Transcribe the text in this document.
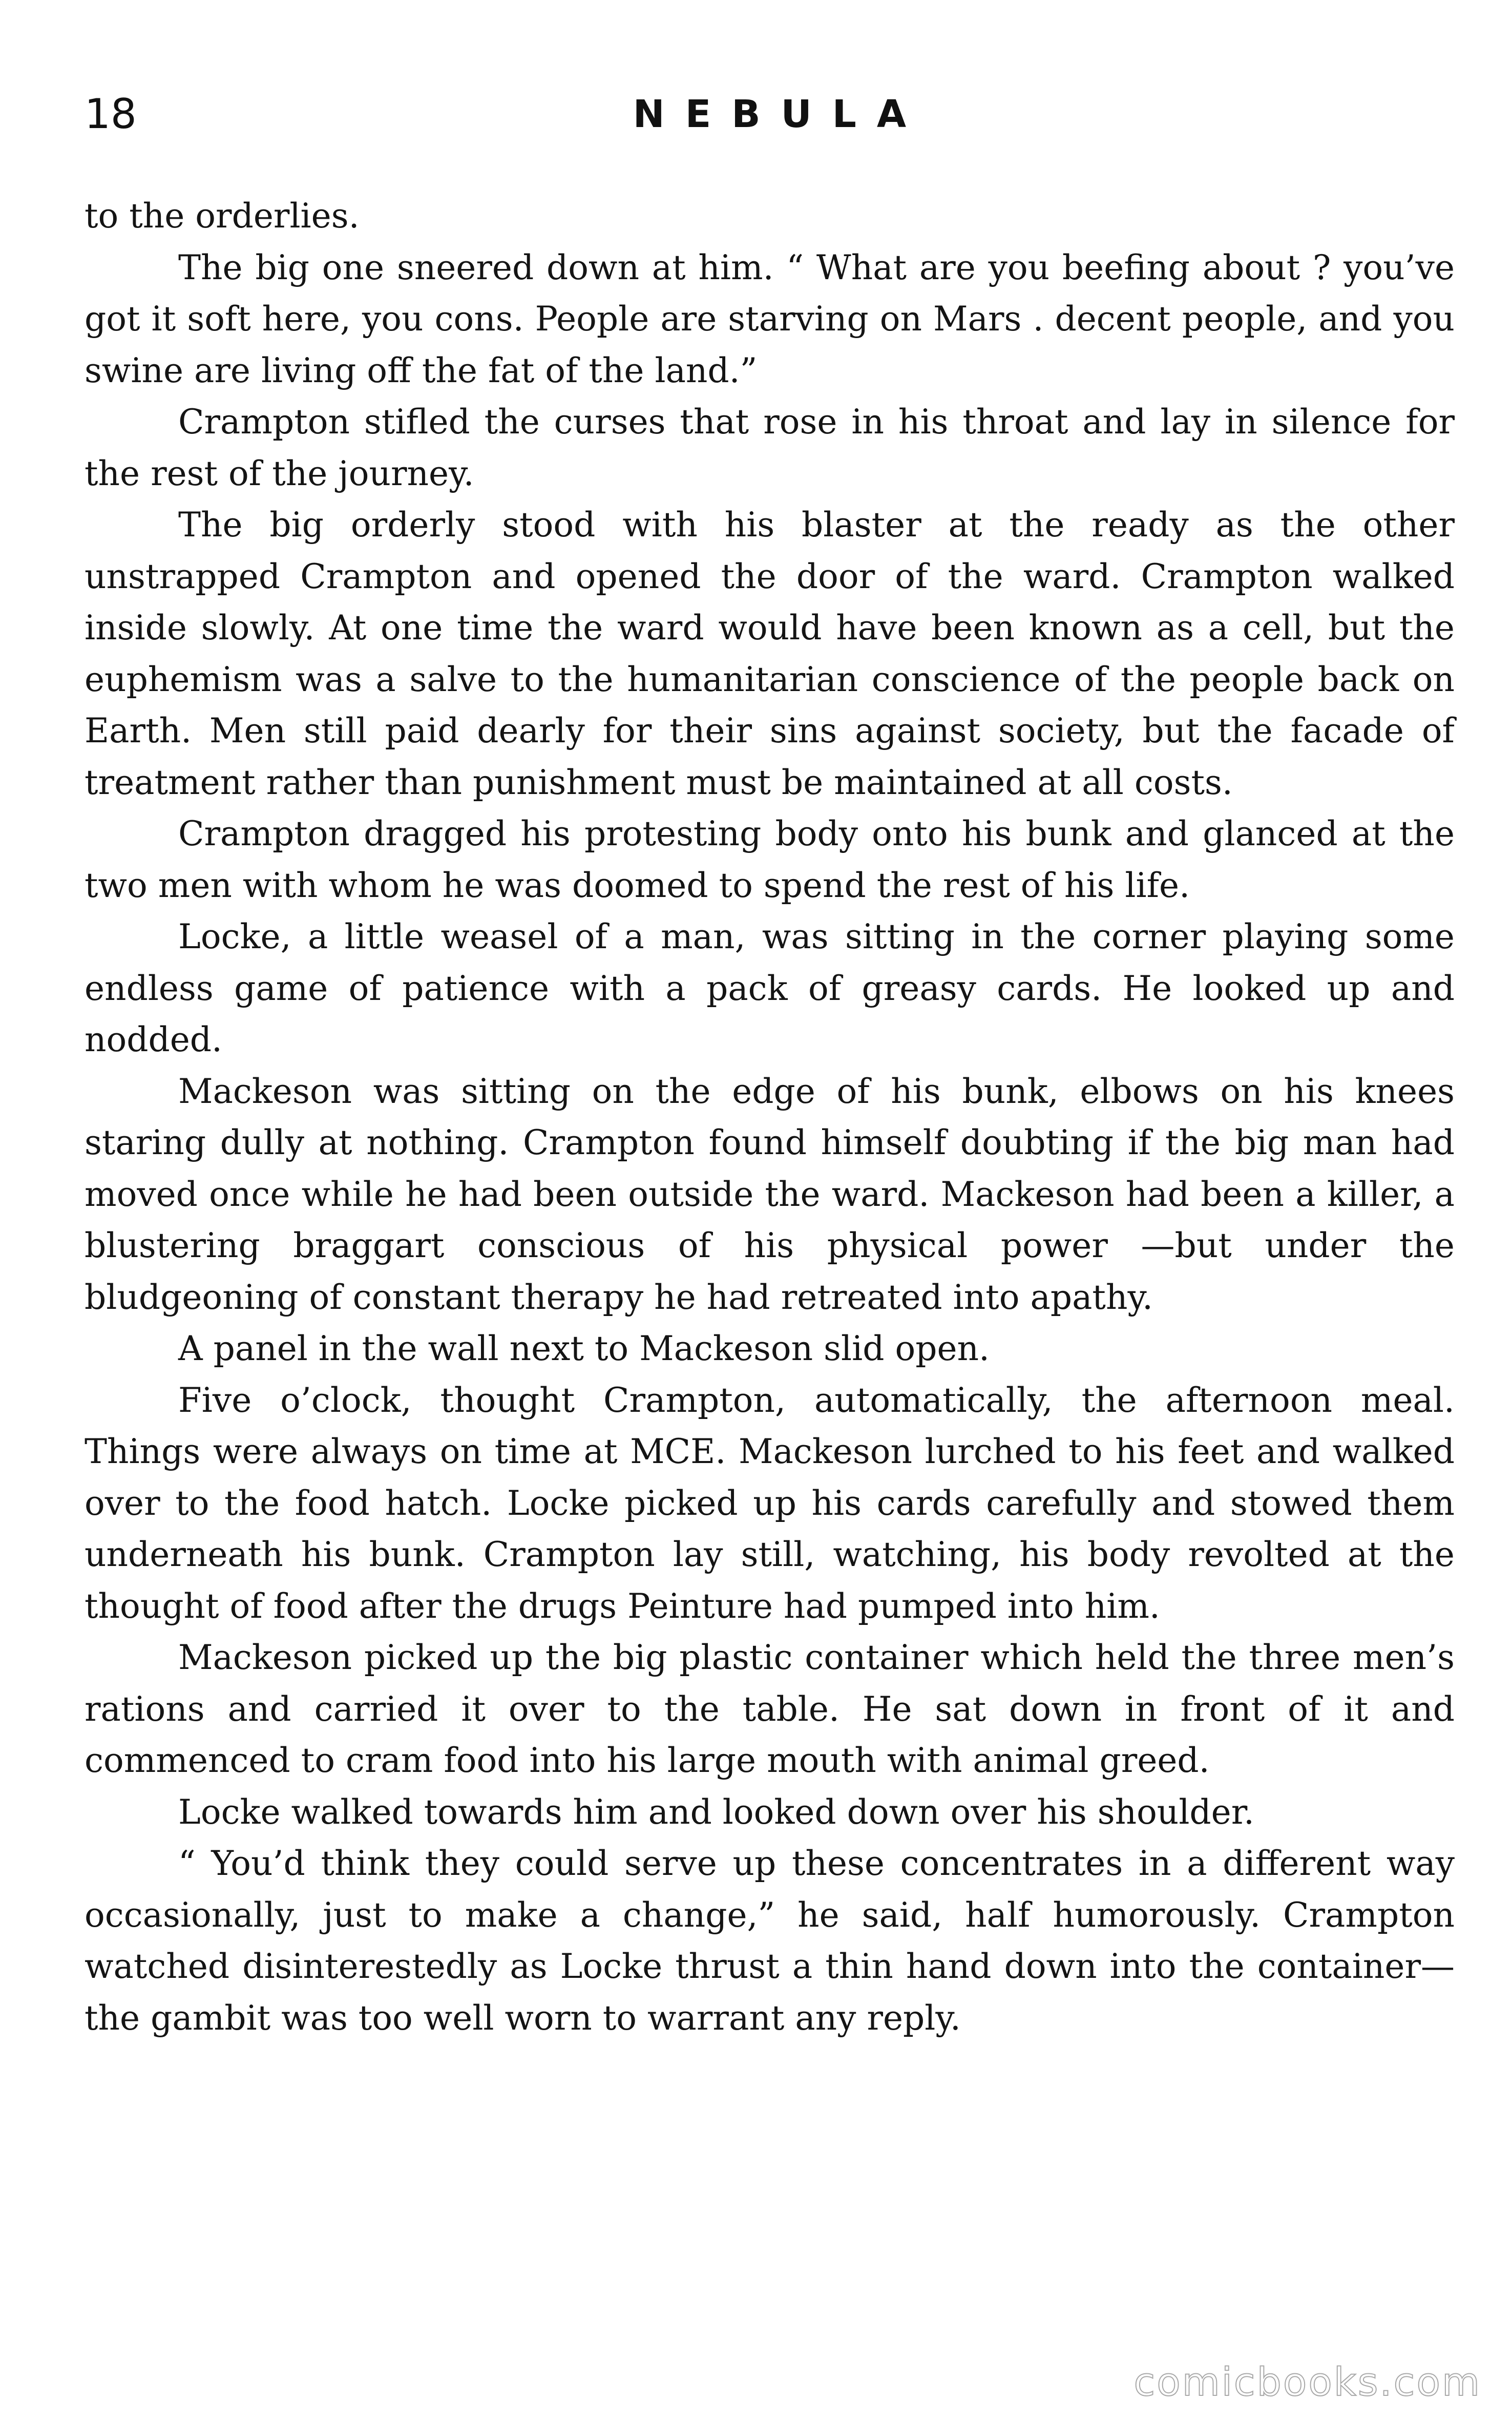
18	NEBULA

to the orderlies.

The big one sneered down at him. “ What are you beefing about ? you’ve got it soft here, you cons. People are starving on Mars . decent people, and you swine are living off the fat of the land.”

Crampton stifled the curses that rose in his throat and lay in silence for the rest of the journey.

The big orderly stood with his blaster at the ready as the other unstrapped Crampton and opened the door of the ward. Crampton walked inside slowly. At one time the ward would have been known as a cell, but the euphemism was a salve to the humanitarian conscience of the people back on Earth. Men still paid dearly for their sins against society, but the facade of treatment rather than punishment must be maintained at all costs.

Crampton dragged his protesting body onto his bunk and glanced at the two men with whom he was doomed to spend the rest of his life.

Locke, a little weasel of a man, was sitting in the corner playing some endless game of patience with a pack of greasy cards. He looked up and nodded.

Mackeson was sitting on the edge of his bunk, elbows on his knees staring dully at nothing. Crampton found himself doubting if the big man had moved once while he had been outside the ward. Mackeson had been a killer, a blustering braggart conscious of his physical power —but under the bludgeoning of constant therapy he had retreated into apathy.

A panel in the wall next to Mackeson slid open.

Five o’clock, thought Crampton, automatically, the afternoon meal. Things were always on time at MCE. Mackeson lurched to his feet and walked over to the food hatch. Locke picked up his cards carefully and stowed them underneath his bunk. Crampton lay still, watching, his body revolted at the thought of food after the drugs Peinture had pumped into him.

Mackeson picked up the big plastic container which held the three men’s rations and carried it over to the table. He sat down in front of it and commenced to cram food into his large mouth with animal greed.

Locke walked towards him and looked down over his shoulder.

“ You’d think they could serve up these concentrates in a different way occasionally, just to make a change,” he said, half humorously. Crampton watched disinterestedly as Locke thrust a thin hand down into the container—the gambit was too well worn to warrant any reply.

comicbooks.com
